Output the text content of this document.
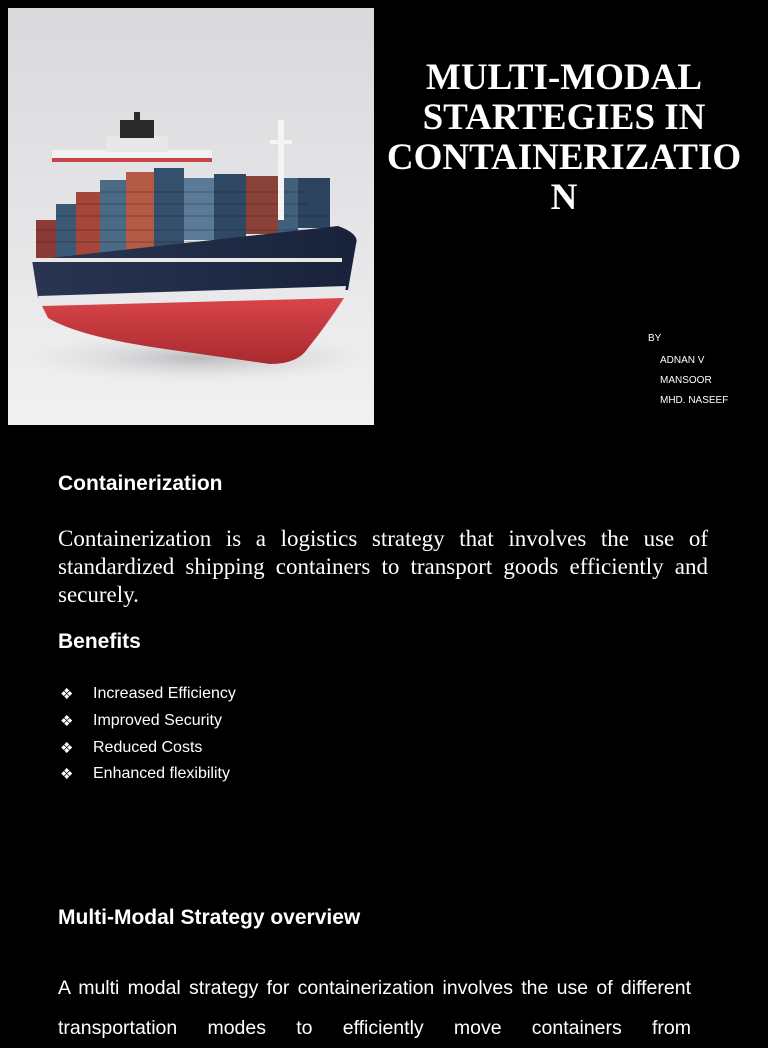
MULTI-MODAL
STARTEGIES IN
CONTAINERIZATIO
N
BY
ADNAN V
MANSOOR
MHD. NASEEF
Containerization

Containerization is a logistics strategy that involves the use of standardized shipping containers to transport goods efficiently and securely.

Benefits
❖	Increased Efficiency
❖	Improved Security
❖	Reduced Costs
❖	Enhanced flexibility
Multi-Modal Strategy overview

A multi modal strategy for containerization involves the use of different transportation modes to efficiently move containers from
